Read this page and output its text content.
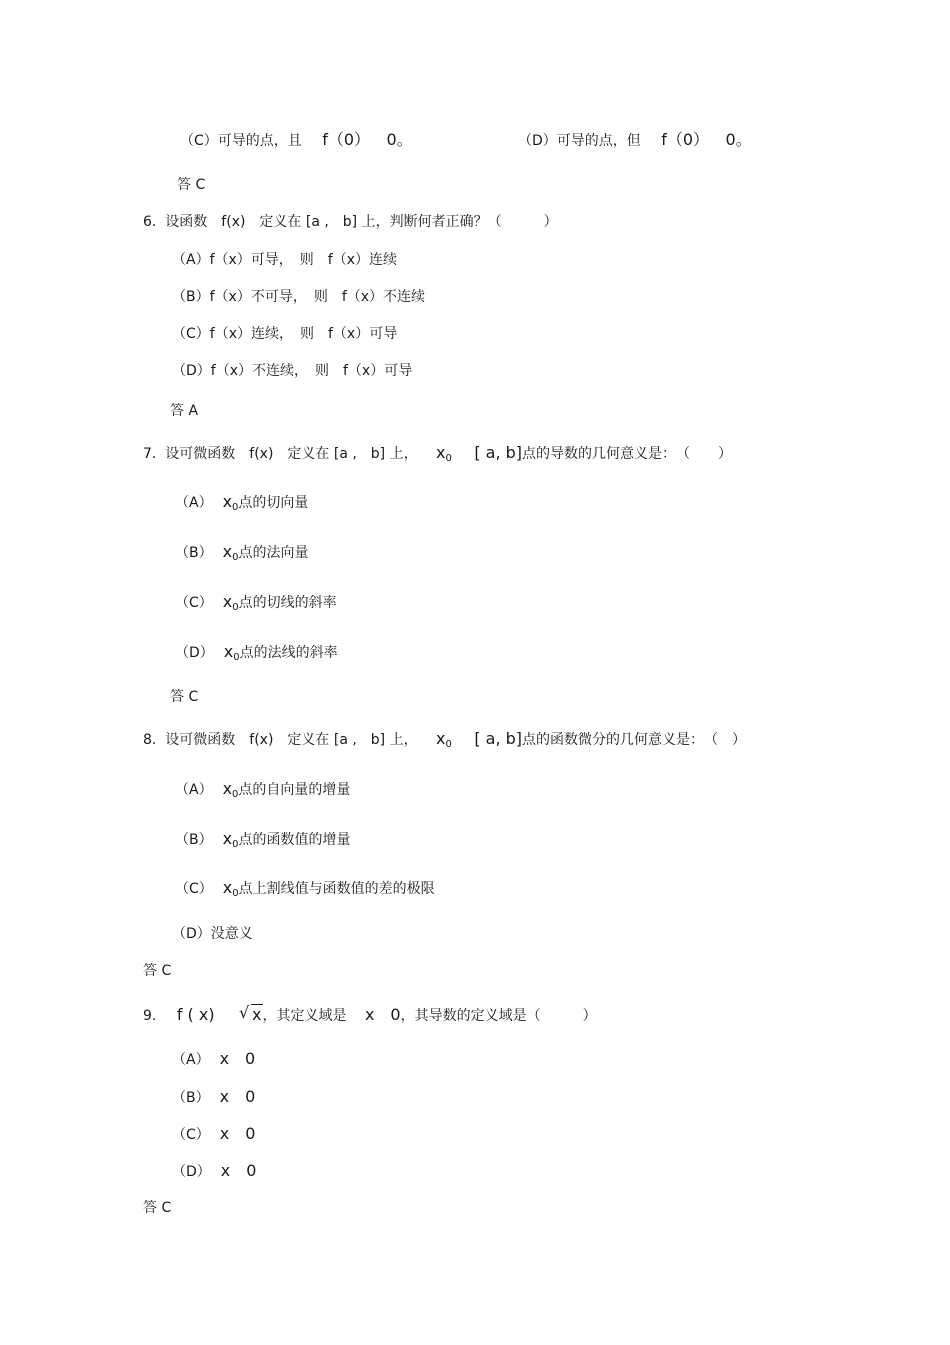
（C）可导的点，且 f（0） 0。	（D）可导的点，但 f（0） 0。
答 C
6. 设函数　f(x)　定义在 [a ,　b] 上，判断何者正确？（　　　）
（A）f（x）可导，　则　f（x）连续
（B）f（x）不可导，　则　f（x）不连续
（C）f（x）连续，　则　f（x）可导
（D）f（x）不连续，　则　f（x）可导
答 A
7. 设可微函数　f(x)　定义在 [a ,　b] 上， $x_0$ [ a, b]点的导数的几何意义是：　（　　）
（A） $x_0$点的切向量
（B） $x_0$点的法向量
（C） $x_0$点的切线的斜率
（D） $x_0$点的法线的斜率
答 C
8. 设可微函数　f(x)　定义在 [a ,　b] 上， $x_0$ [ a, b]点的函数微分的几何意义是：　（　）
（A） $x_0$点的自向量的增量
（B） $x_0$点的函数值的增量
（C） $x_0$点上割线值与函数值的差的极限
（D）没意义
答 C
9. f ( x) √ x，其定义域是 x　0，其导数的定义域是（　　　）
（A） x　0
（B） x　0
（C） x　0
（D） x　0
答 C
